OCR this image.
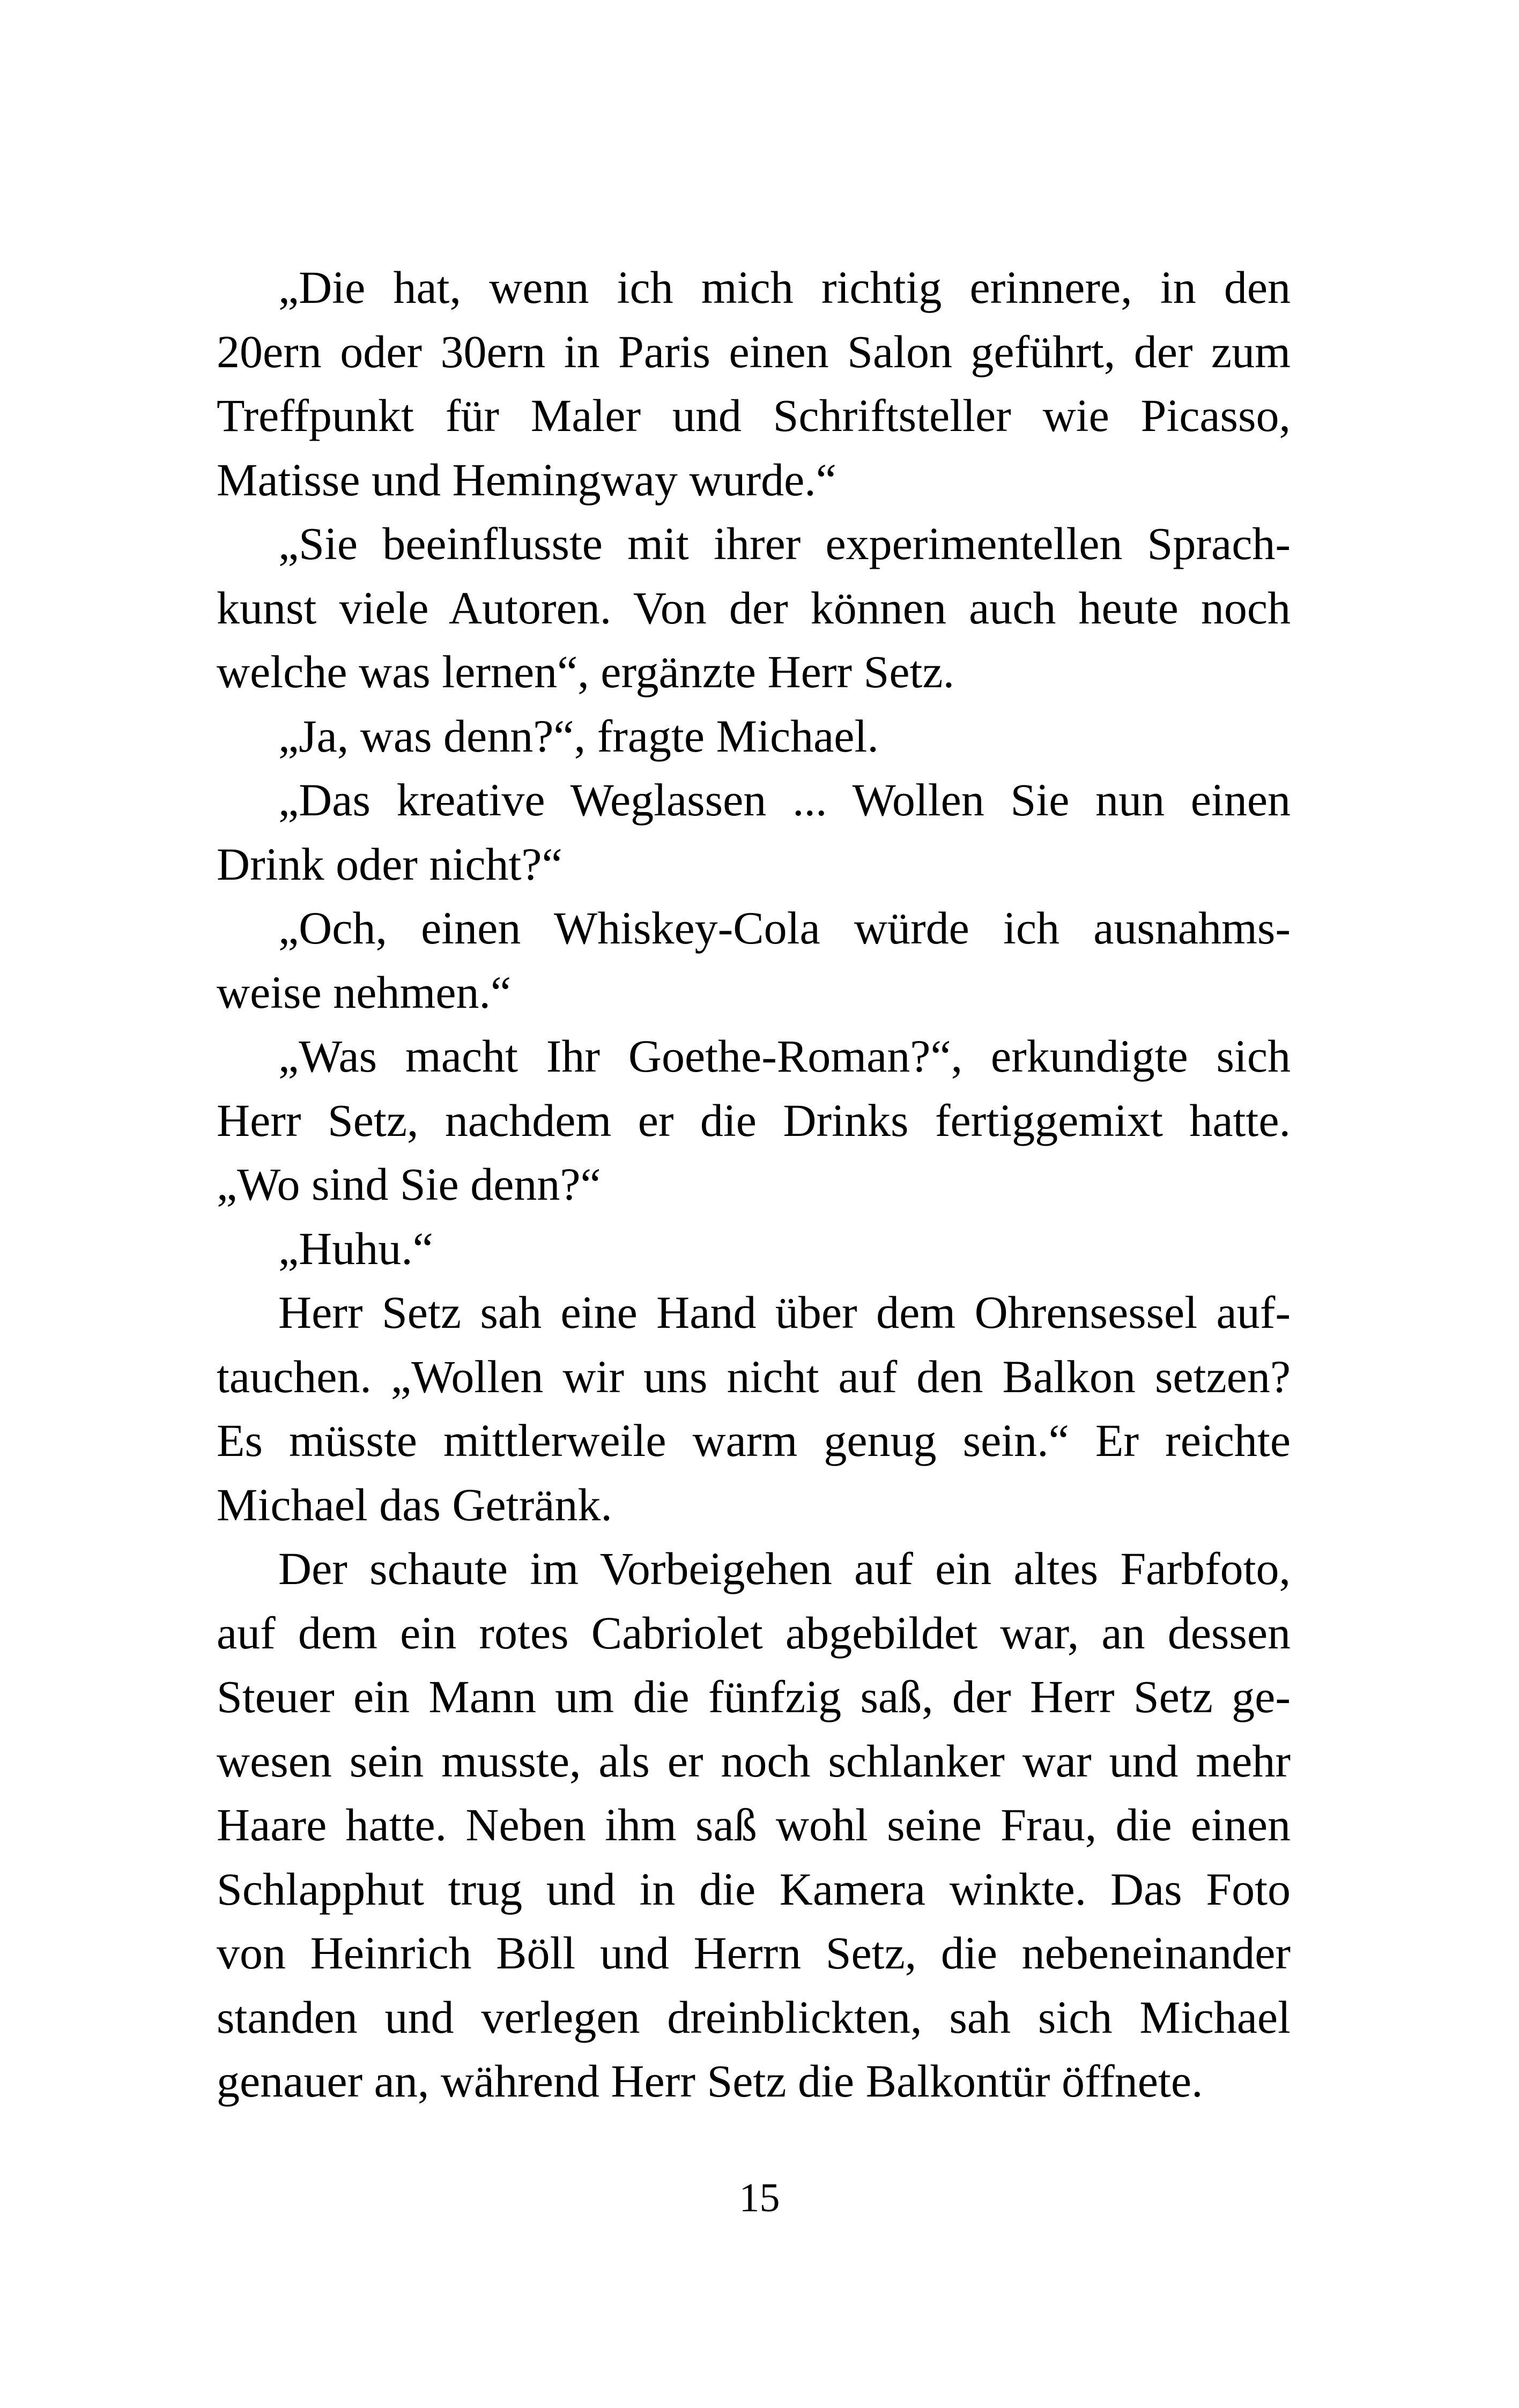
„Die hat, wenn ich mich richtig erinnere, in den
20ern oder 30ern in Paris einen Salon geführt, der zum
Treffpunkt für Maler und Schriftsteller wie Picasso,
Matisse und Hemingway wurde.“
„Sie beeinflusste mit ihrer experimentellen Sprach-
kunst viele Autoren. Von der können auch heute noch
welche was lernen“, ergänzte Herr Setz.
„Ja, was denn?“, fragte Michael.
„Das kreative Weglassen ... Wollen Sie nun einen
Drink oder nicht?“
„Och, einen Whiskey-Cola würde ich ausnahms-
weise nehmen.“
„Was macht Ihr Goethe-Roman?“, erkundigte sich
Herr Setz, nachdem er die Drinks fertiggemixt hatte.
„Wo sind Sie denn?“
„Huhu.“
Herr Setz sah eine Hand über dem Ohrensessel auf-
tauchen. „Wollen wir uns nicht auf den Balkon setzen?
Es müsste mittlerweile warm genug sein.“ Er reichte
Michael das Getränk.
Der schaute im Vorbeigehen auf ein altes Farbfoto,
auf dem ein rotes Cabriolet abgebildet war, an dessen
Steuer ein Mann um die fünfzig saß, der Herr Setz ge-
wesen sein musste, als er noch schlanker war und mehr
Haare hatte. Neben ihm saß wohl seine Frau, die einen
Schlapphut trug und in die Kamera winkte. Das Foto
von Heinrich Böll und Herrn Setz, die nebeneinander
standen und verlegen dreinblickten, sah sich Michael
genauer an, während Herr Setz die Balkontür öffnete.
15
